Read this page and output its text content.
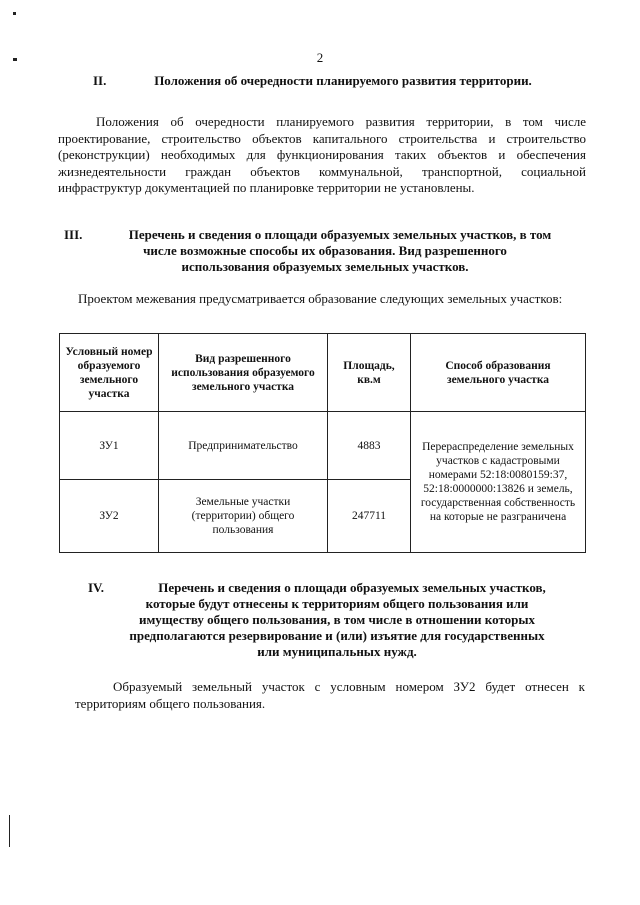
2
II.	Положения об очередности планируемого развития территории.
Положения об очередности планируемого развития территории, в том числе проектирование, строительство объектов капитального строительства и строительство (реконструкции) необходимых для функционирования таких объектов и обеспечения жизнедеятельности граждан объектов коммунальной, транспортной, социальной инфраструктур документацией по планировке территории не установлены.
III.	Перечень и сведения о площади образуемых земельных участков, в том
числе возможные способы их образования. Вид разрешенного
использования образуемых земельных участков.
Проектом межевания предусматривается образование следующих земельных участков:
Условный номер образуемого земельного участка	Вид разрешенного использования образуемого земельного участка	Площадь, кв.м	Способ образования земельного участка
ЗУ1	Предпринимательство	4883	Перераспределение земельных участков с кадастровыми номерами 52:18:0080159:37, 52:18:0000000:13826 и земель, государственная собственность на которые не разграничена
ЗУ2	Земельные участки (территории) общего пользования	247711	
IV.	Перечень и сведения о площади образуемых земельных участков,
которые будут отнесены к территориям общего пользования или
имуществу общего пользования, в том числе в отношении которых
предполагаются резервирование и (или) изъятие для государственных
или муниципальных нужд.
Образуемый земельный участок с условным номером ЗУ2 будет отнесен к территориям общего пользования.
